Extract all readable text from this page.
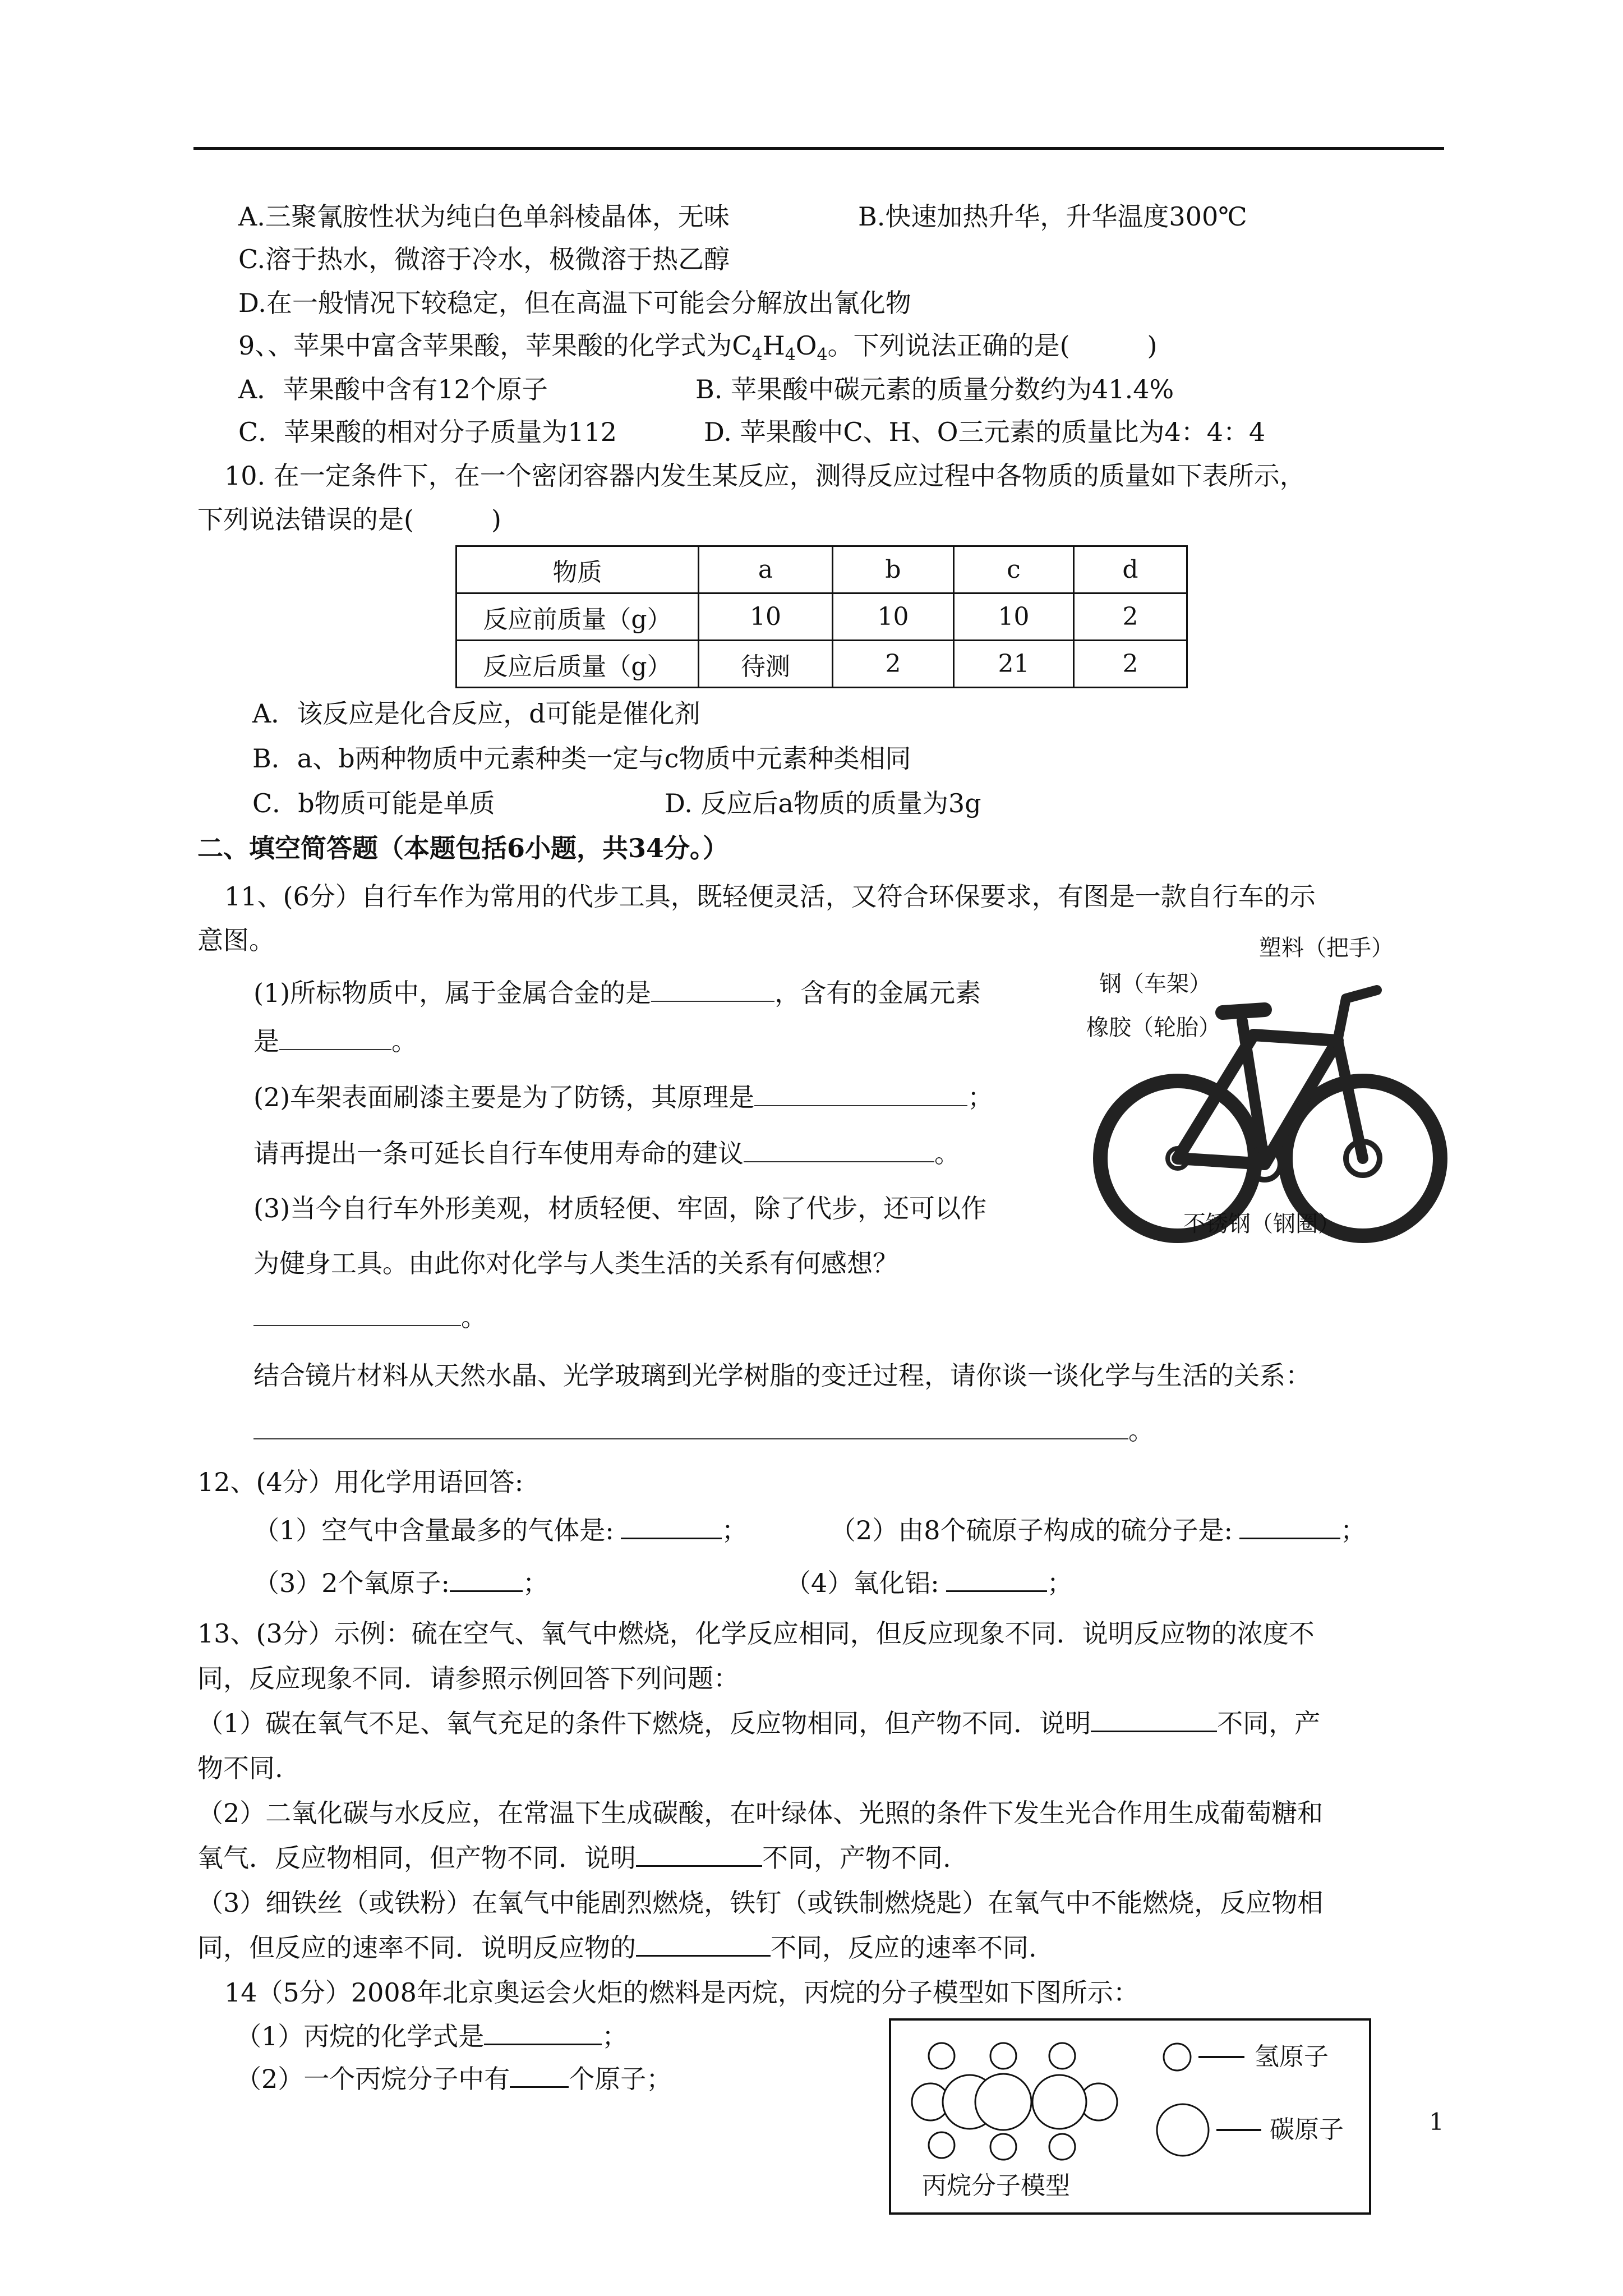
A.三聚氰胺性状为纯白色单斜棱晶体，无味	B.快速加热升华，升华温度300℃
C.溶于热水，微溶于冷水，极微溶于热乙醇
D.在一般情况下较稳定，但在高温下可能会分解放出氰化物
9、、苹果中富含苹果酸，苹果酸的化学式为$C_4H_4O_4$。下列说法正确的是(　　　)
A．苹果酸中含有12个原子	B. 苹果酸中碳元素的质量分数约为41.4%
C．苹果酸的相对分子质量为112	D. 苹果酸中C、H、O三元素的质量比为4：4：4
10. 在一定条件下，在一个密闭容器内发生某反应，测得反应过程中各物质的质量如下表所示，
下列说法错误的是(　　　)
物质	a	b	c	d
反应前质量（g）	10	10	10	2
反应后质量（g）	待测	2	21	2
A．该反应是化合反应，d可能是催化剂
B．a、b两种物质中元素种类一定与c物质中元素种类相同
C．b物质可能是单质	D. 反应后a物质的质量为3g
二、填空简答题（本题包括6小题，共34分。）
11、(6分）自行车作为常用的代步工具，既轻便灵活，又符合环保要求，有图是一款自行车的示
意图。
(1)所标物质中，属于金属合金的是	，含有的金属元素
是	。
(2)车架表面刷漆主要是为了防锈，其原理是	；
请再提出一条可延长自行车使用寿命的建议	。
(3)当今自行车外形美观，材质轻便、牢固，除了代步，还可以作
为健身工具。由此你对化学与人类生活的关系有何感想？
。
结合镜片材料从天然水晶、光学玻璃到光学树脂的变迁过程，请你谈一谈化学与生活的关系：
。
塑料（把手）
钢（车架）
橡胶（轮胎）
不锈钢（钢圈）
12、(4分）用化学用语回答:
（1）空气中含量最多的气体是:	；	（2）由8个硫原子构成的硫分子是:	；
（3）2个氧原子:	；	（4）氧化铝:	；
13、(3分）示例：硫在空气、氧气中燃烧，化学反应相同，但反应现象不同．说明反应物的浓度不
同，反应现象不同．请参照示例回答下列问题：
（1）碳在氧气不足、氧气充足的条件下燃烧，反应物相同，但产物不同．说明	不同，产
物不同.
（2）二氧化碳与水反应，在常温下生成碳酸，在叶绿体、光照的条件下发生光合作用生成葡萄糖和
氧气．反应物相同，但产物不同．说明	不同，产物不同.
（3）细铁丝（或铁粉）在氧气中能剧烈燃烧，铁钉（或铁制燃烧匙）在氧气中不能燃烧，反应物相
同，但反应的速率不同．说明反应物的	不同，反应的速率不同.
14（5分）2008年北京奥运会火炬的燃料是丙烷，丙烷的分子模型如下图所示：
（1）丙烷的化学式是	；
（2）一个丙烷分子中有 个原子；
氢原子
碳原子
丙烷分子模型
1
